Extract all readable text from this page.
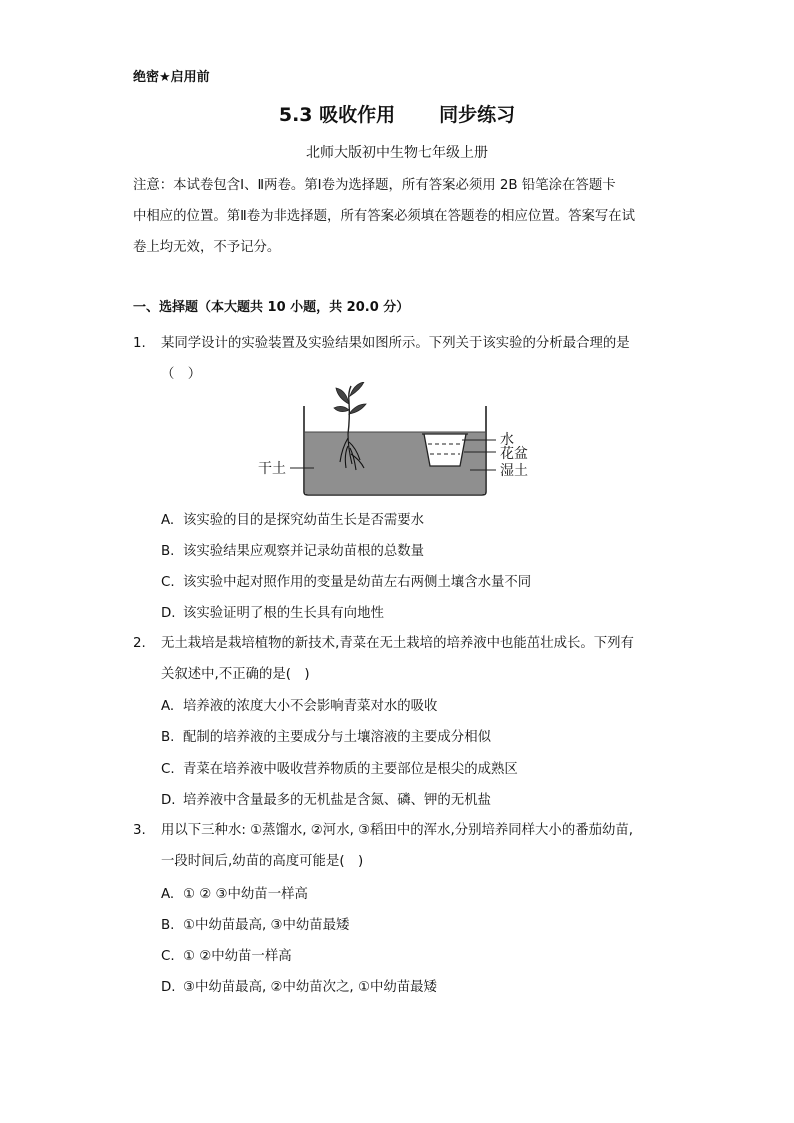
绝密★启用前
5.3 吸收作用 同步练习
北师大版初中生物七年级上册
注意：本试卷包含Ⅰ、Ⅱ两卷。第Ⅰ卷为选择题，所有答案必须用 2B 铅笔涂在答题卡
中相应的位置。第Ⅱ卷为非选择题，所有答案必须填在答题卷的相应位置。答案写在试
卷上均无效，不予记分。
一、选择题（本大题共 10 小题，共 20.0 分）
1. 某同学设计的实验装置及实验结果如图所示。下列关于该实验的分析最合理的是
（　）
水
花盆
湿土
干土
A. 该实验的目的是探究幼苗生长是否需要水
B. 该实验结果应观察并记录幼苗根的总数量
C. 该实验中起对照作用的变量是幼苗左右两侧土壤含水量不同
D. 该实验证明了根的生长具有向地性
2. 无土栽培是栽培植物的新技术,青菜在无土栽培的培养液中也能茁壮成长。下列有
关叙述中,不正确的是(　)
A. 培养液的浓度大小不会影响青菜对水的吸收
B. 配制的培养液的主要成分与土壤溶液的主要成分相似
C. 青菜在培养液中吸收营养物质的主要部位是根尖的成熟区
D. 培养液中含量最多的无机盐是含氮、磷、钾的无机盐
3. 用以下三种水: ①蒸馏水, ②河水, ③稻田中的浑水,分别培养同样大小的番茄幼苗,
一段时间后,幼苗的高度可能是(　)
A. ① ② ③中幼苗一样高
B. ①中幼苗最高, ③中幼苗最矮
C. ① ②中幼苗一样高
D. ③中幼苗最高, ②中幼苗次之, ①中幼苗最矮
